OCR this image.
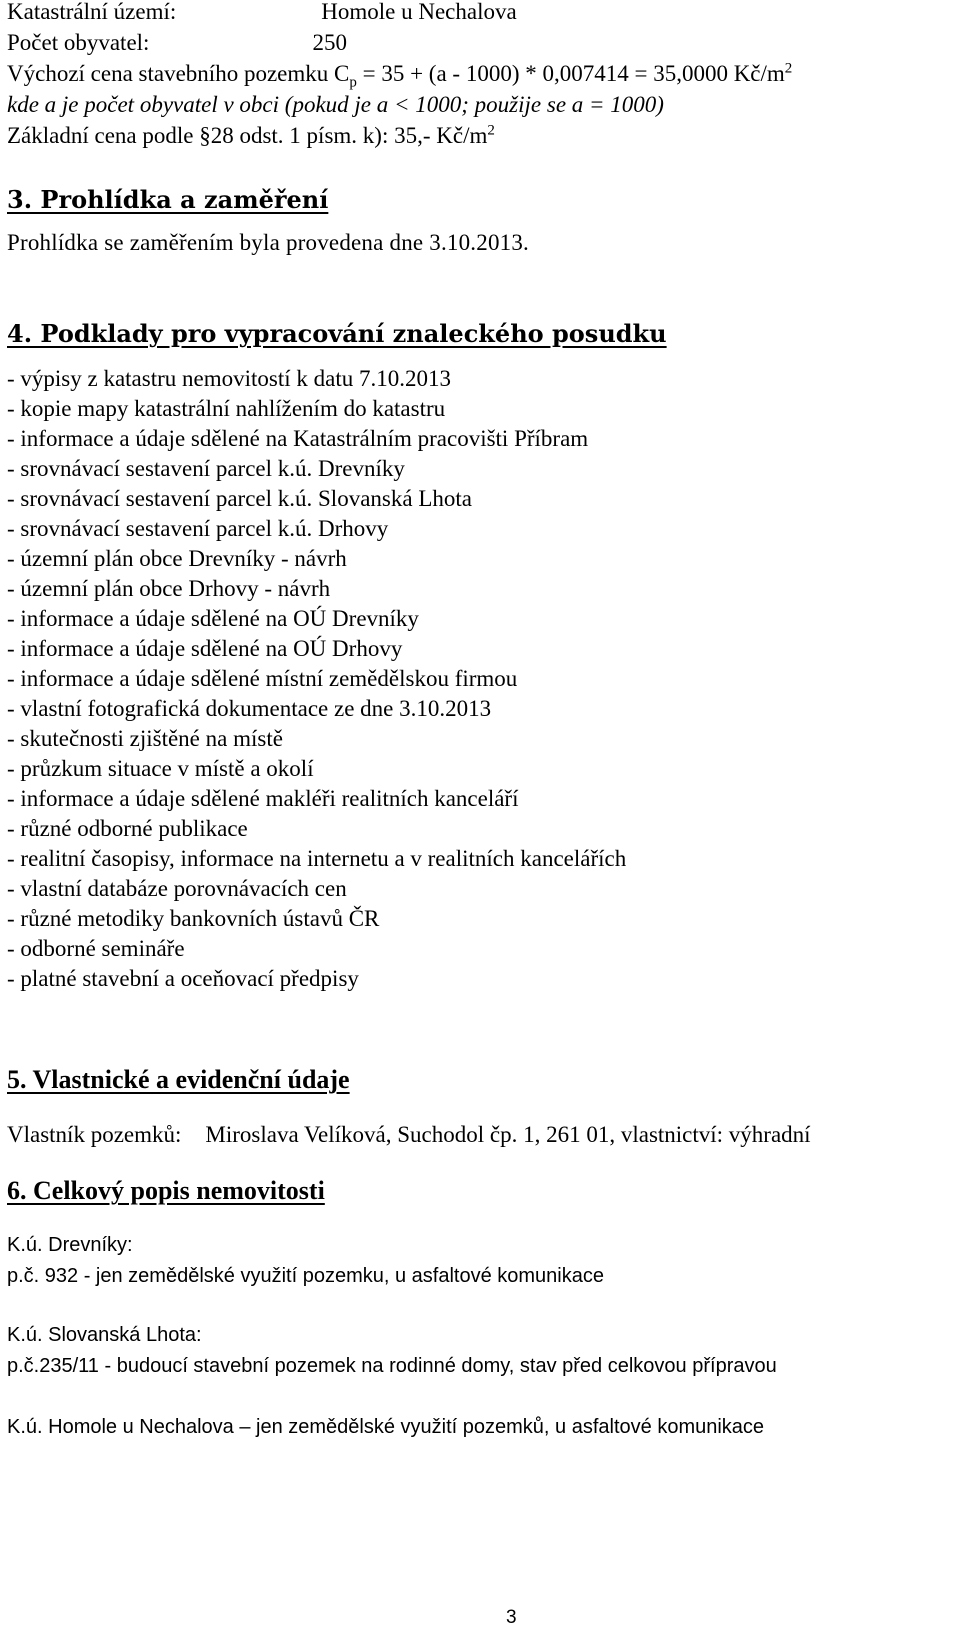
Katastrální území:	Homole u Nechalova
Počet obyvatel:	250
Výchozí cena stavebního pozemku $C_p = 35 + (a - 1000) * 0,007414 = 35,0000$ $Kč/m^2$
kde a je počet obyvatel v obci (pokud je a < 1000; použije se a = 1000)
Základní cena podle §28 odst. 1 písm. k): 35,- $Kč/m^2$
3. Prohlídka a zaměření
Prohlídka se zaměřením byla provedena dne 3.10.2013.
4. Podklady pro vypracování znaleckého posudku
- výpisy z katastru nemovitostí k datu 7.10.2013
- kopie mapy katastrální nahlížením do katastru
- informace a údaje sdělené na Katastrálním pracovišti Příbram
- srovnávací sestavení parcel k.ú. Drevníky
- srovnávací sestavení parcel k.ú. Slovanská Lhota
- srovnávací sestavení parcel k.ú. Drhovy
- územní plán obce Drevníky - návrh
- územní plán obce Drhovy - návrh
- informace a údaje sdělené na OÚ Drevníky
- informace a údaje sdělené na OÚ Drhovy
- informace a údaje sdělené místní zemědělskou firmou
- vlastní fotografická dokumentace ze dne 3.10.2013
- skutečnosti zjištěné na místě
- průzkum situace v místě a okolí
- informace a údaje sdělené makléři realitních kanceláří
- různé odborné publikace
- realitní časopisy, informace na internetu a v realitních kancelářích
- vlastní databáze porovnávacích cen
- různé metodiky bankovních ústavů ČR
- odborné semináře
- platné stavební a oceňovací předpisy
5. Vlastnické a evidenční údaje
Vlastník pozemků: Miroslava Velíková, Suchodol čp. 1, 261 01, vlastnictví: výhradní
6. Celkový popis nemovitosti
K.ú. Drevníky:
p.č. 932 - jen zemědělské využití pozemku, u asfaltové komunikace
K.ú. Slovanská Lhota:
p.č.235/11 - budoucí stavební pozemek na rodinné domy, stav před celkovou přípravou
K.ú. Homole u Nechalova – jen zemědělské využití pozemků, u asfaltové komunikace
3
